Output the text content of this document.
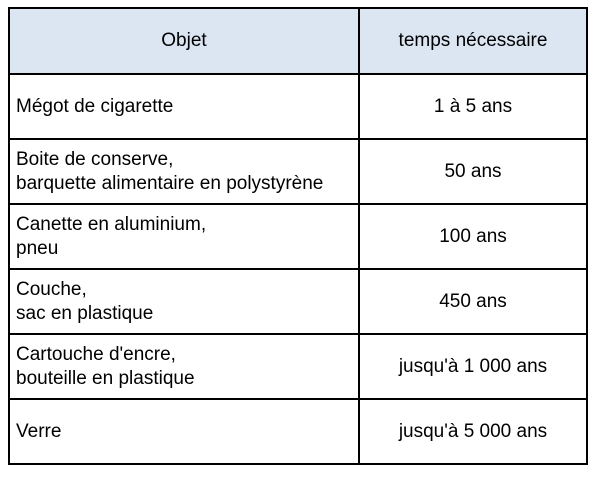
Objet	temps nécessaire

Mégot de cigarette	1 à 5 ans

Boite de conserve,
barquette alimentaire en polystyrène	50 ans

Canette en aluminium,
pneu	100 ans

Couche,
sac en plastique	450 ans

Cartouche d'encre,
bouteille en plastique	jusqu'à 1 000 ans

Verre	jusqu'à 5 000 ans
